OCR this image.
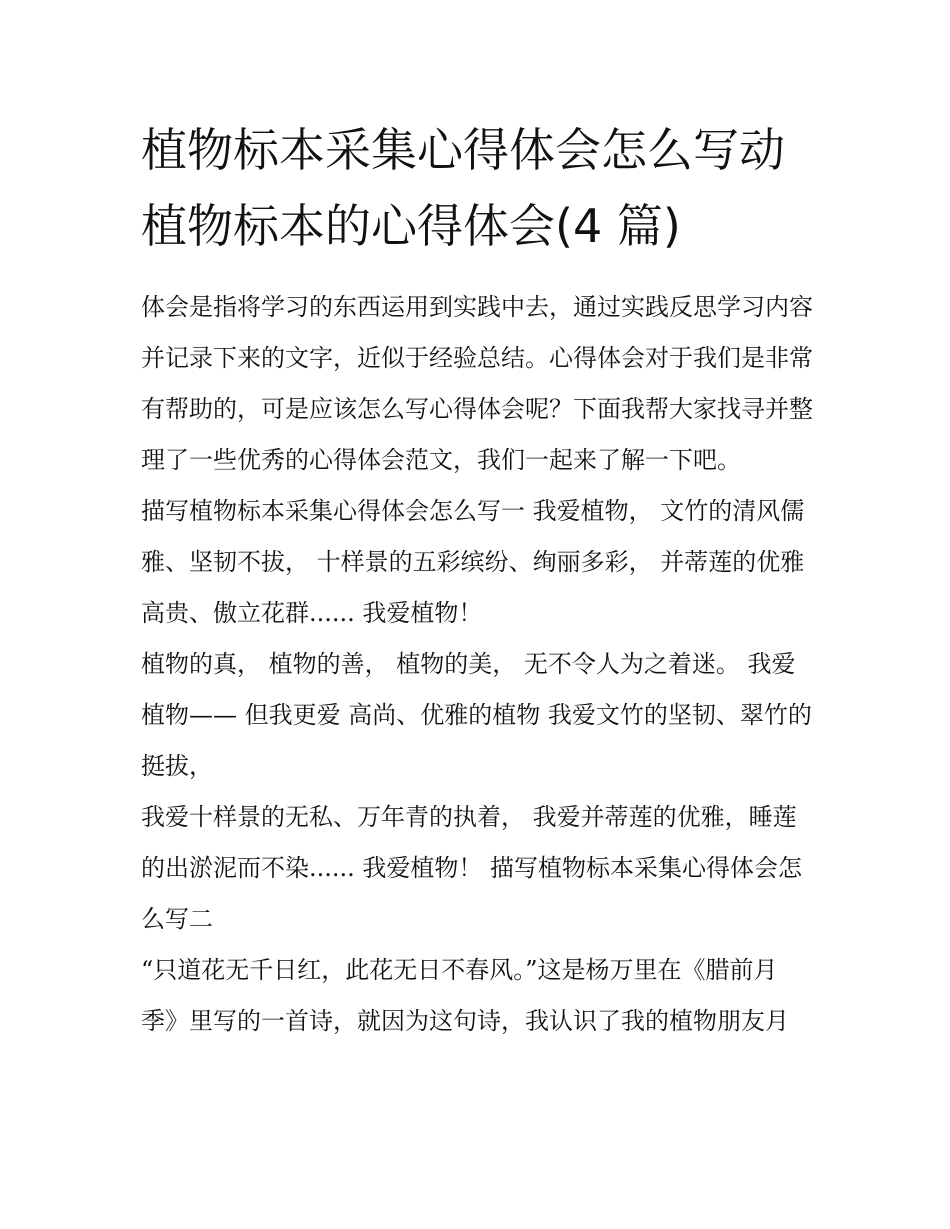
植物标本采集心得体会怎么写动植物标本的心得体会(4 篇)

体会是指将学习的东西运用到实践中去，通过实践反思学习内容并记录下来的文字，近似于经验总结。心得体会对于我们是非常有帮助的，可是应该怎么写心得体会呢？下面我帮大家找寻并整理了一些优秀的心得体会范文，我们一起来了解一下吧。

描写植物标本采集心得体会怎么写一 我爱植物， 文竹的清风儒雅、坚韧不拔， 十样景的五彩缤纷、绚丽多彩， 并蒂莲的优雅高贵、傲立花群...... 我爱植物！

植物的真， 植物的善， 植物的美， 无不令人为之着迷。 我爱植物—— 但我更爱 高尚、优雅的植物 我爱文竹的坚韧、翠竹的挺拔，

我爱十样景的无私、万年青的执着， 我爱并蒂莲的优雅，睡莲的出淤泥而不染...... 我爱植物！ 描写植物标本采集心得体会怎么写二

“只道花无千日红，此花无日不春风。”这是杨万里在《腊前月季》里写的一首诗，就因为这句诗，我认识了我的植物朋友月
